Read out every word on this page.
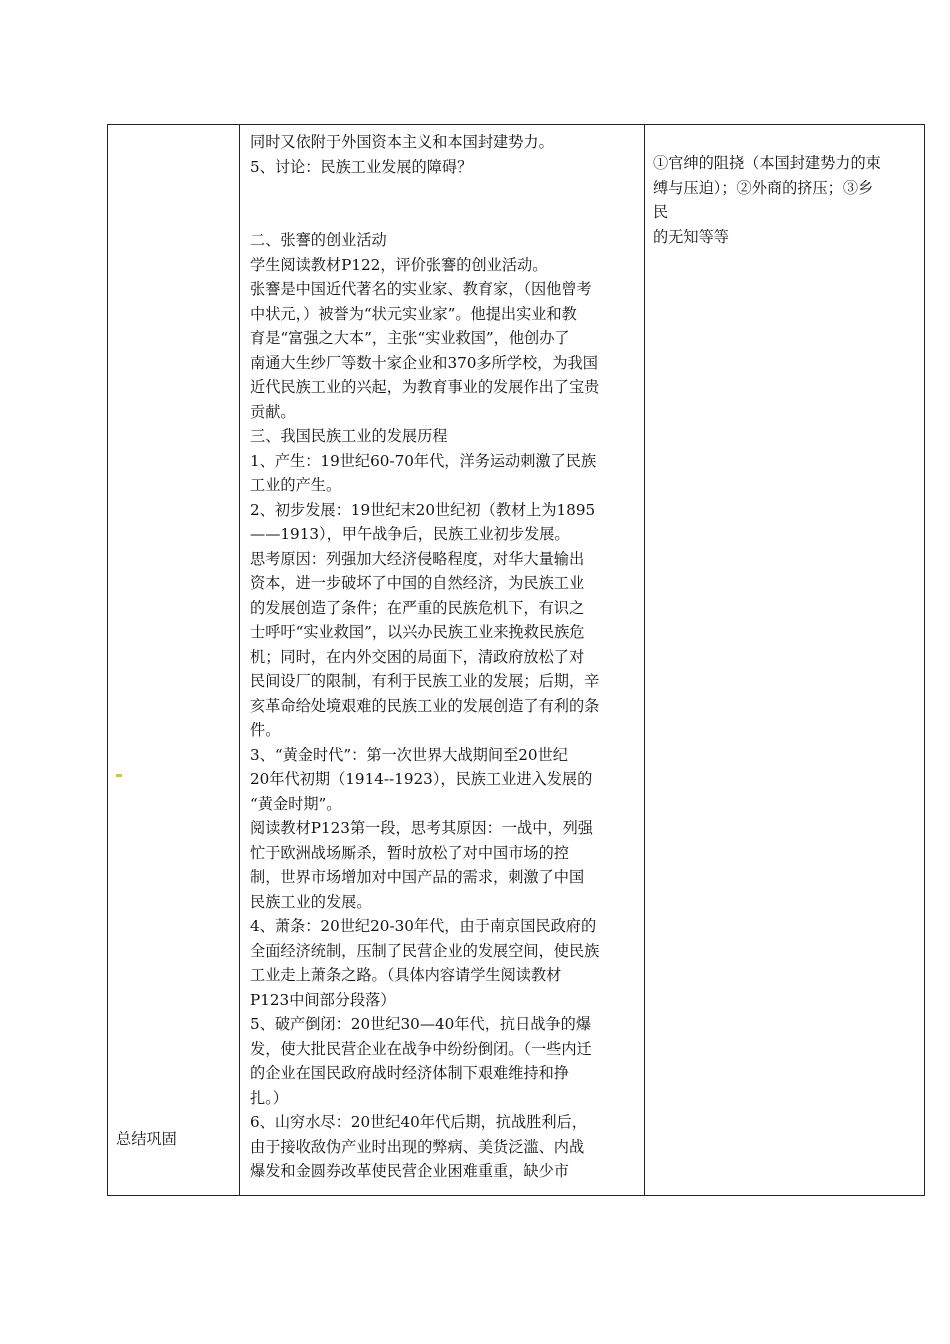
总结巩固

同时又依附于外国资本主义和本国封建势力。
5、讨论：民族工业发展的障碍？
二、张謇的创业活动
学生阅读教材P122，评价张謇的创业活动。
张謇是中国近代著名的实业家、教育家，（因他曾考
中状元，）被誉为“状元实业家”。他提出实业和教
育是“富强之大本”，主张“实业救国”，他创办了
南通大生纱厂等数十家企业和370多所学校，为我国
近代民族工业的兴起，为教育事业的发展作出了宝贵
贡献。
三、我国民族工业的发展历程
1、产生：19世纪60-70年代，洋务运动刺激了民族
工业的产生。
2、初步发展：19世纪末20世纪初（教材上为1895
——1913），甲午战争后，民族工业初步发展。
思考原因：列强加大经济侵略程度，对华大量输出
资本，进一步破坏了中国的自然经济，为民族工业
的发展创造了条件；在严重的民族危机下，有识之
士呼吁“实业救国”，以兴办民族工业来挽救民族危
机；同时，在内外交困的局面下，清政府放松了对
民间设厂的限制，有利于民族工业的发展；后期，辛
亥革命给处境艰难的民族工业的发展创造了有利的条
件。
3、“黄金时代”：第一次世界大战期间至20世纪
20年代初期（1914--1923），民族工业进入发展的
“黄金时期”。
阅读教材P123第一段，思考其原因：一战中，列强
忙于欧洲战场厮杀，暂时放松了对中国市场的控
制，世界市场增加对中国产品的需求，刺激了中国
民族工业的发展。
4、萧条：20世纪20-30年代，由于南京国民政府的
全面经济统制，压制了民营企业的发展空间，使民族
工业走上萧条之路。（具体内容请学生阅读教材
P123中间部分段落）
5、破产倒闭：20世纪30—40年代，抗日战争的爆
发，使大批民营企业在战争中纷纷倒闭。（一些内迁
的企业在国民政府战时经济体制下艰难维持和挣
扎。）
6、山穷水尽：20世纪40年代后期，抗战胜利后，
由于接收敌伪产业时出现的弊病、美货泛滥、内战
爆发和金圆券改革使民营企业困难重重，缺少市

①官绅的阻挠（本国封建势力的束
缚与压迫）；②外商的挤压；③乡
民
的无知等等
